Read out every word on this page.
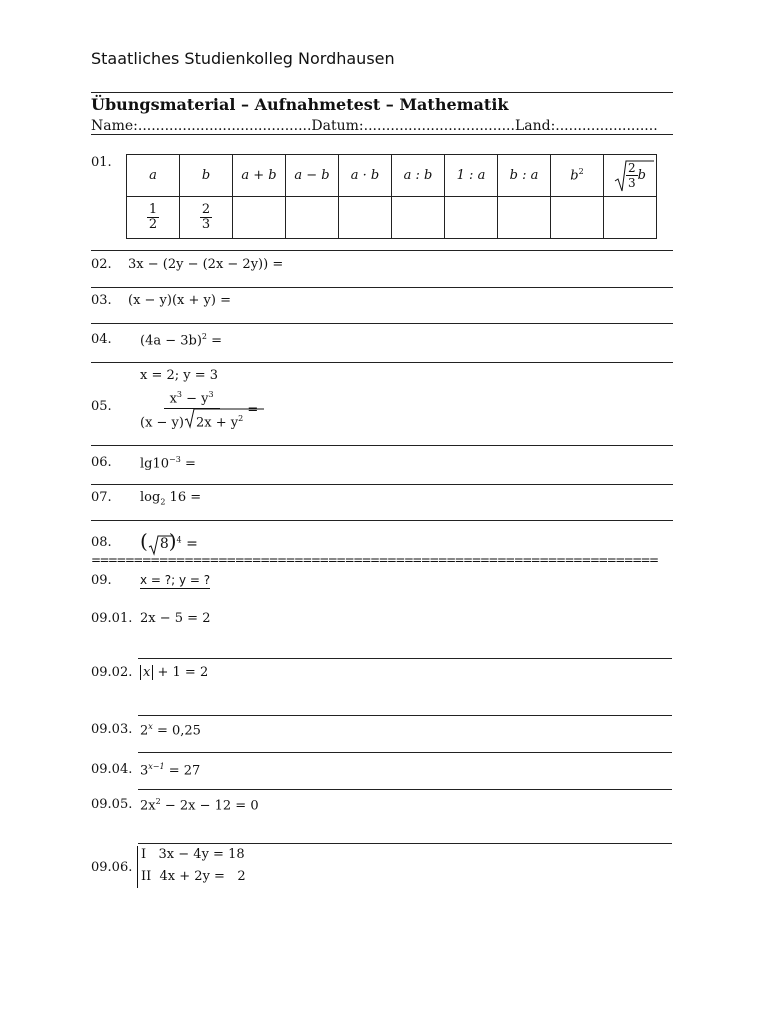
Staatliches Studienkolleg Nordhausen
Übungsmaterial – Aufnahmetest – Mathematik
Name:.......................................Datum:..................................Land:.......................
01.
a	b	a + b	a − b	a · b	a : b	1 : a	b : a	$b^2$	$\frac{2}{3}$ b

$\frac{1}{2}$	$\frac{2}{3}$

02. 3x − (2y − (2x − 2y)) =
03. (x − y)(x + y) =
04. $(4a - 3b)^2$ =
x = 2; y = 3
05. $\frac{x^3 - y^3}{(x - y) 2x + y^2}$ =
06. $\lg 10^{-3}$ =
07. $\log_2 16$ =
08. ( 8)$^4$ =
===================================================================
09. x = ?; y = ?
09.01. 2x − 5 = 2
09.02. x + 1 = 2
09.03. $2^x = 0,25$
09.04. $3^{x-1} = 27$
09.05. $2x^2 - 2x - 12 = 0$
09.06.
I   3x − 4y = 18
II  4x + 2y =   2
